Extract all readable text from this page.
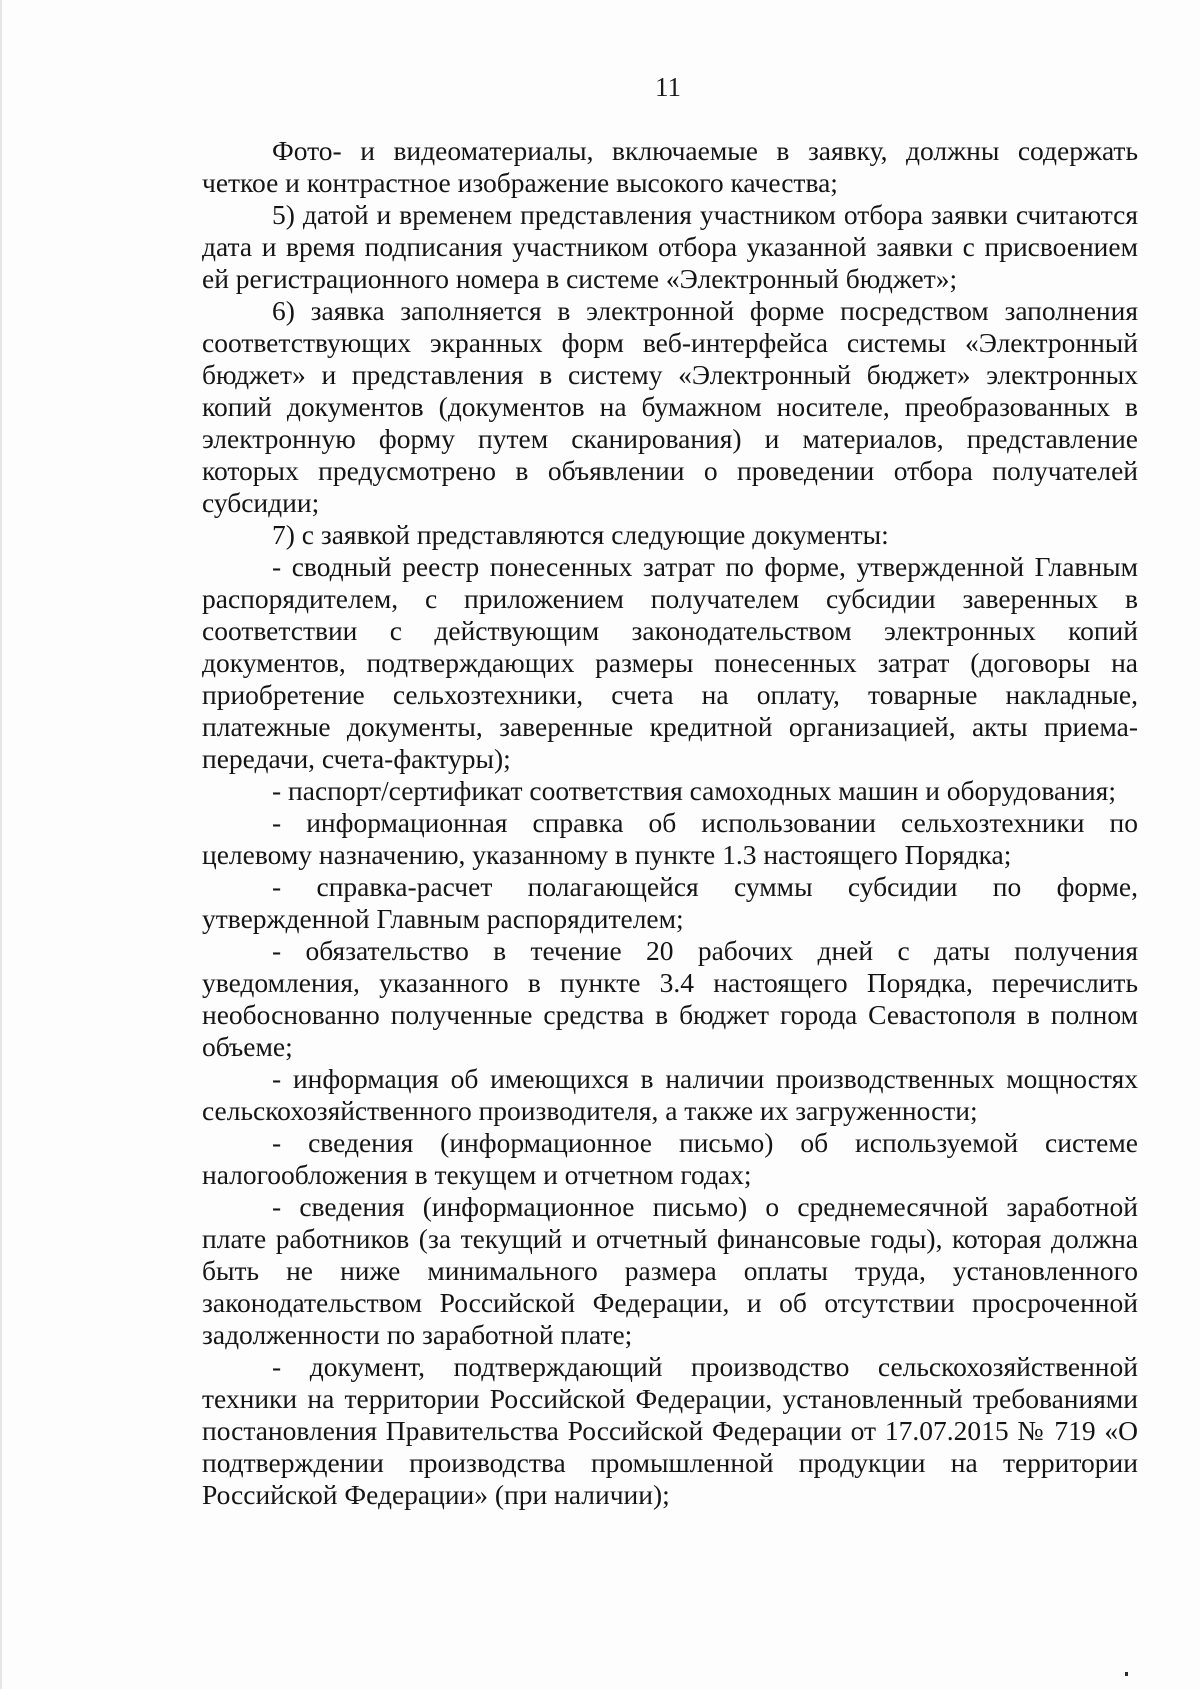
11

Фото- и видеоматериалы, включаемые в заявку, должны содержать четкое и контрастное изображение высокого качества;

5) датой и временем представления участником отбора заявки считаются дата и время подписания участником отбора указанной заявки с присвоением ей регистрационного номера в системе «Электронный бюджет»;

6) заявка заполняется в электронной форме посредством заполнения соответствующих экранных форм веб-интерфейса системы «Электронный бюджет» и представления в систему «Электронный бюджет» электронных копий документов (документов на бумажном носителе, преобразованных в электронную форму путем сканирования) и материалов, представление которых предусмотрено в объявлении о проведении отбора получателей субсидии;

7) с заявкой представляются следующие документы:

- сводный реестр понесенных затрат по форме, утвержденной Главным распорядителем, с приложением получателем субсидии заверенных в соответствии с действующим законодательством электронных копий документов, подтверждающих размеры понесенных затрат (договоры на приобретение сельхозтехники, счета на оплату, товарные накладные, платежные документы, заверенные кредитной организацией, акты приема-передачи, счета-фактуры);

- паспорт/сертификат соответствия самоходных машин и оборудования;

- информационная справка об использовании сельхозтехники по целевому назначению, указанному в пункте 1.3 настоящего Порядка;

- справка-расчет полагающейся суммы субсидии по форме, утвержденной Главным распорядителем;

- обязательство в течение 20 рабочих дней с даты получения уведомления, указанного в пункте 3.4 настоящего Порядка, перечислить необоснованно полученные средства в бюджет города Севастополя в полном объеме;

- информация об имеющихся в наличии производственных мощностях сельскохозяйственного производителя, а также их загруженности;

- сведения (информационное письмо) об используемой системе налогообложения в текущем и отчетном годах;

- сведения (информационное письмо) о среднемесячной заработной плате работников (за текущий и отчетный финансовые годы), которая должна быть не ниже минимального размера оплаты труда, установленного законодательством Российской Федерации, и об отсутствии просроченной задолженности по заработной плате;

- документ, подтверждающий производство сельскохозяйственной техники на территории Российской Федерации, установленный требованиями постановления Правительства Российской Федерации от 17.07.2015 № 719 «О подтверждении производства промышленной продукции на территории Российской Федерации» (при наличии);
